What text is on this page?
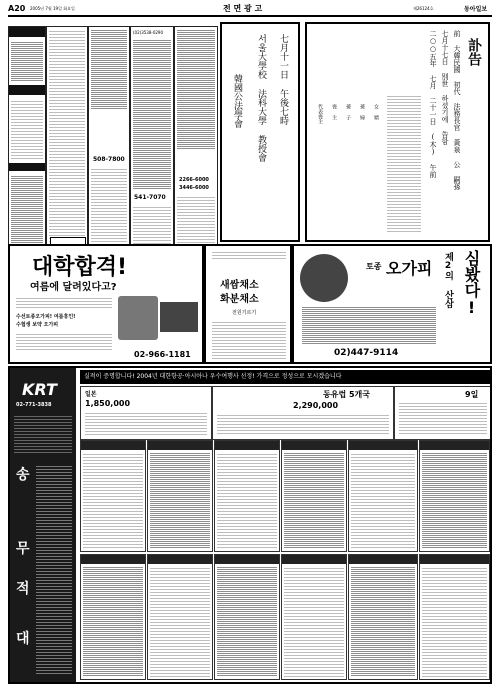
A20 2005년 7월 19일 화요일	전 면 광 고	제26124호	동아일보
508-7800
(02)3538-0290
541-7070
2266-6000
3446-6000
七月十一日 午後七時
서울大學校 法科大學 教授會
韓國公法學會
訃告
前 大韓民國 初代 法務長官 黃泉 公 嗣孫
七月十七日 別世 하셨기에 告함
二○○五年 七月 二十一日 (木) 午前
代表喪主 喪 主 孫 子 孫 婦 女 婿
대학합격!
여름에 달려있다고?
수선토종오가피! 여름휴인!
수험생 보약 오가피
02-966-1181
새쌈채소
화분채소
전원기르기
토종 오가피 제2의 산삼 심봤다!
02)447-9114
KRT
02-771-3838
송
무
적
대
실적이 증명합니다! 2004년 대한항공·아시아나 우수여행사 선정! 가격으로 정성으로 모시겠습니다
일본
1,850,000
동유럽 5개국
2,290,000
9일
